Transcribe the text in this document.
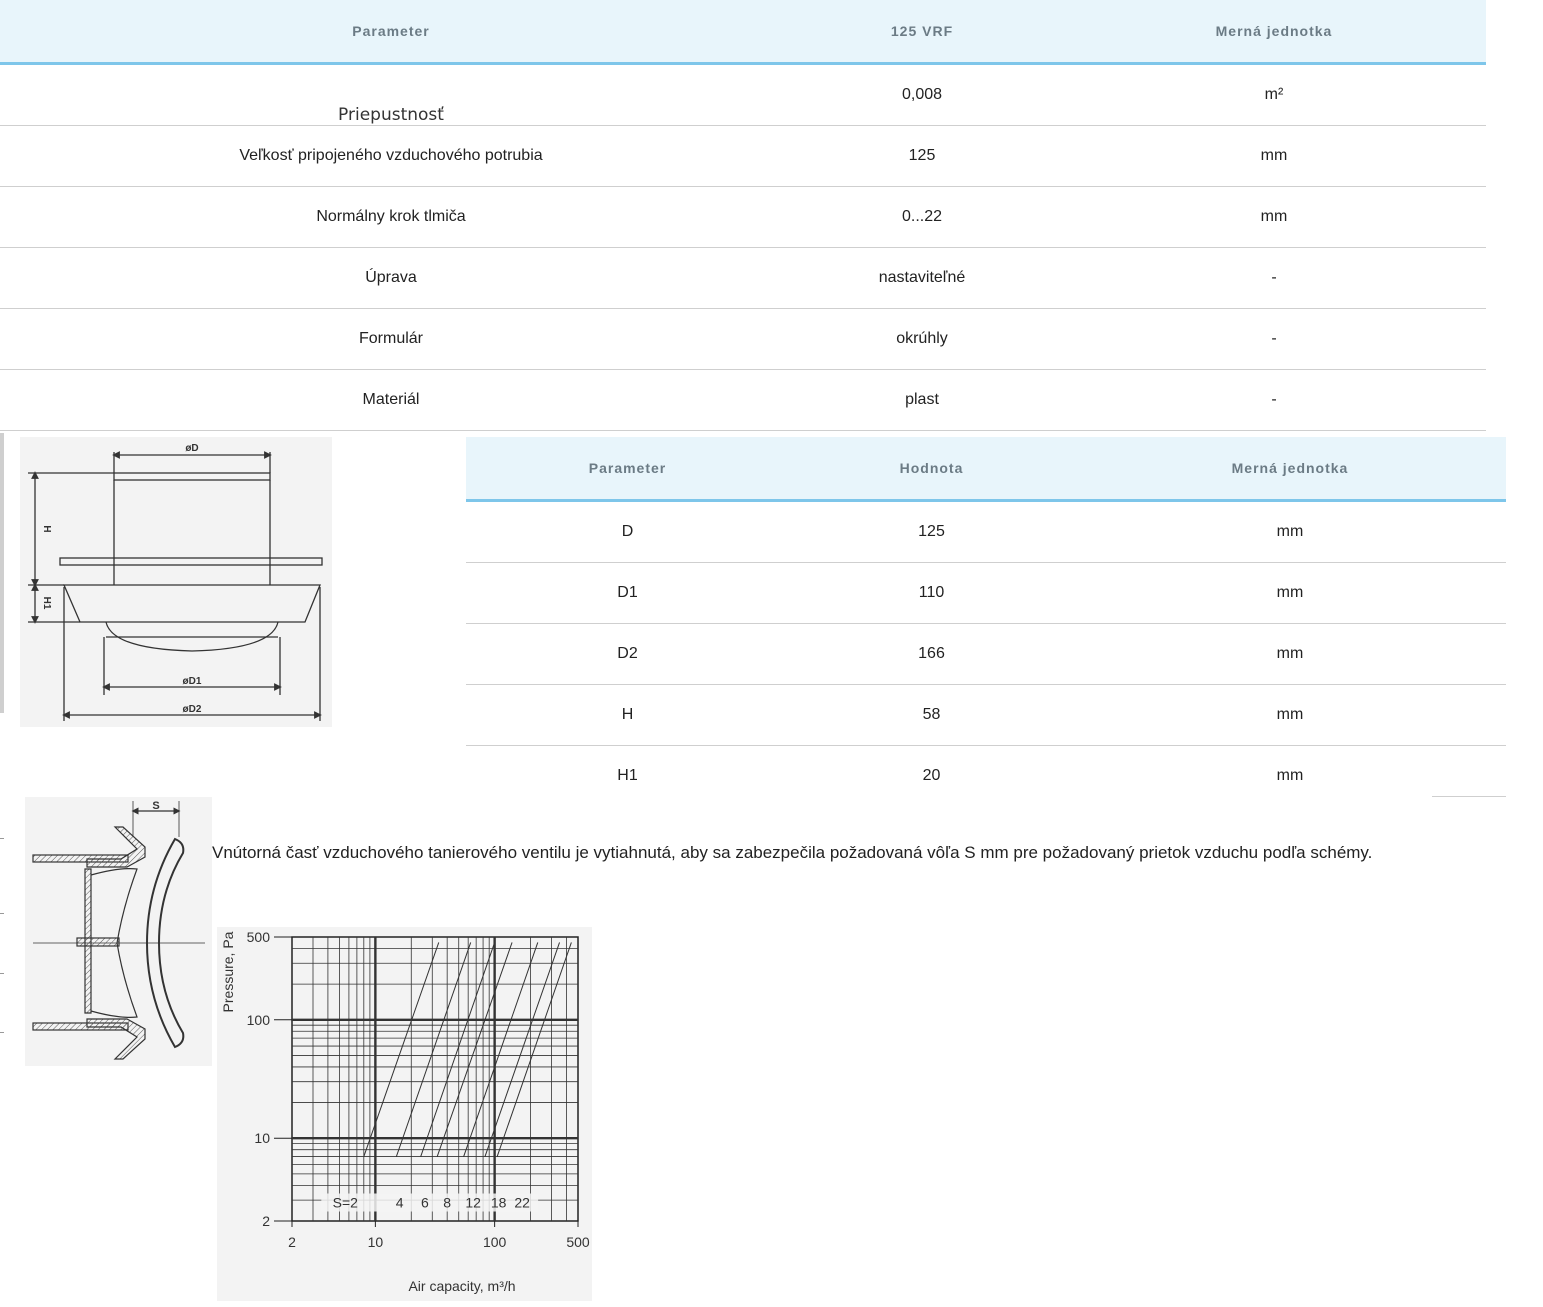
Parameter	125 VRF	Merná jednotka

Priepustnosť	0,008	m²
Veľkosť pripojeného vzduchového potrubia	125	mm
Normálny krok tlmiča	0...22	mm
Úprava	nastaviteľné	-
Formulár	okrúhly	-
Materiál	plast	-
øD
øD1
øD2
H
H1
Parameter	Hodnota	Merná jednotka
D	125	mm
D1	110	mm
D2	166	mm
H	58	mm
H1	20	mm
S
Vnútorná časť vzduchového tanierového ventilu je vytiahnutá, aby sa zabezpečila požadovaná vôľa S mm pre požadovaný prietok vzduchu podľa schémy.
2	10	100	500
2
10
100
500
S=2	4 6 8 12 18 22
Air capacity, m³/h
Pressure, Pa
